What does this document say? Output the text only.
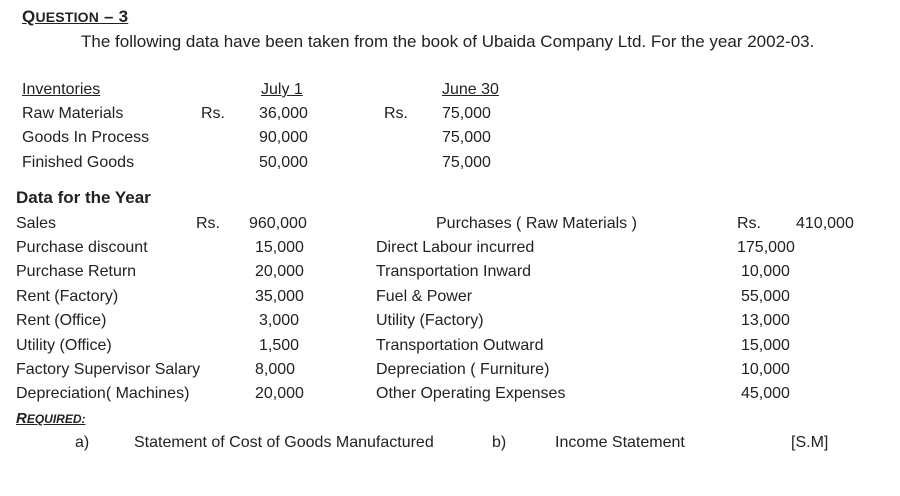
QUESTION – 3
The following data have been taken from the book of Ubaida Company Ltd. For the year 2002-03.
Inventories	July 1	June 30
Rs.	Rs.
Raw Materials	36,000	75,000
Goods In Process	90,000	75,000
Finished Goods	50,000	75,000
Data for the Year
Rs.	Rs.
Sales	960,000
Purchase discount	15,000
Purchase Return	20,000
Rent (Factory)	35,000
Rent (Office)	3,000
Utility (Office)	1,500
Factory Supervisor Salary	8,000
Depreciation( Machines)	20,000
Purchases ( Raw Materials )	410,000
Direct Labour incurred	175,000
Transportation Inward	10,000
Fuel & Power	55,000
Utility (Factory)	13,000
Transportation Outward	15,000
Depreciation ( Furniture)	10,000
Other Operating Expenses	45,000
REQUIRED:
a)	Statement of Cost of Goods Manufactured	b)	Income Statement	[S.M]
